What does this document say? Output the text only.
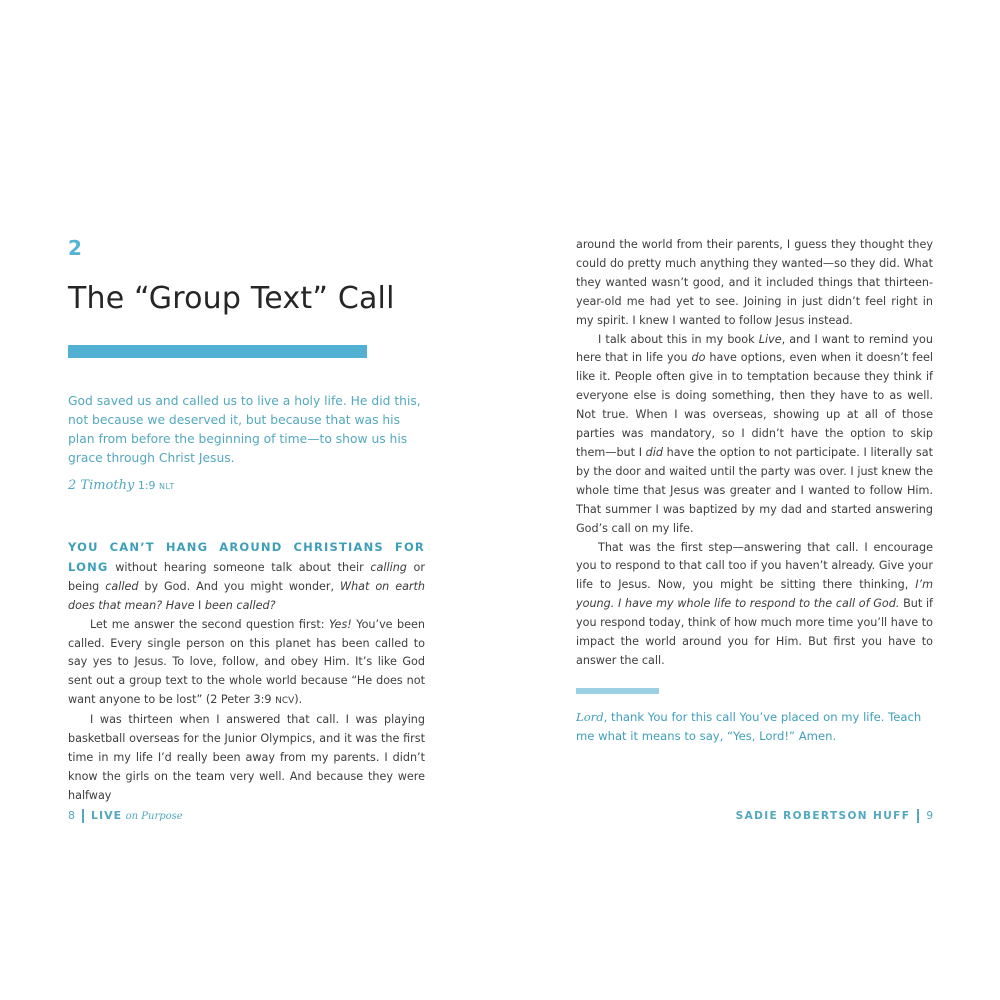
2
The “Group Text” Call
God saved us and called us to live a holy life. He did this, not because we deserved it, but because that was his plan from before the beginning of time—to show us his grace through Christ Jesus.
2 Timothy 1:9 NLT

YOU CAN’T HANG AROUND CHRISTIANS FOR LONG without hearing someone talk about their calling or being called by God. And you might wonder, What on earth does that mean? Have I been called?

Let me answer the second question first: Yes! You’ve been called. Every single person on this planet has been called to say yes to Jesus. To love, follow, and obey Him. It’s like God sent out a group text to the whole world because “He does not want anyone to be lost” (2 Peter 3:9 NCV).

I was thirteen when I answered that call. I was playing basketball overseas for the Junior Olympics, and it was the first time in my life I’d really been away from my parents. I didn’t know the girls on the team very well. And because they were halfway

around the world from their parents, I guess they thought they could do pretty much anything they wanted—so they did. What they wanted wasn’t good, and it included things that thirteen-year-old me had yet to see. Joining in just didn’t feel right in my spirit. I knew I wanted to follow Jesus instead.

I talk about this in my book Live, and I want to remind you here that in life you do have options, even when it doesn’t feel like it. People often give in to temptation because they think if everyone else is doing something, then they have to as well. Not true. When I was overseas, showing up at all of those parties was mandatory, so I didn’t have the option to skip them—but I did have the option to not participate. I literally sat by the door and waited until the party was over. I just knew the whole time that Jesus was greater and I wanted to follow Him. That summer I was baptized by my dad and started answering God’s call on my life.

That was the first step—answering that call. I encourage you to respond to that call too if you haven’t already. Give your life to Jesus. Now, you might be sitting there thinking, I’m young. I have my whole life to respond to the call of God. But if you respond today, think of how much more time you’ll have to impact the world around you for Him. But first you have to answer the call.

Lord, thank You for this call You’ve placed on my life. Teach me what it means to say, “Yes, Lord!” Amen.
8 LIVE on Purpose	SADIE ROBERTSON HUFF 9
